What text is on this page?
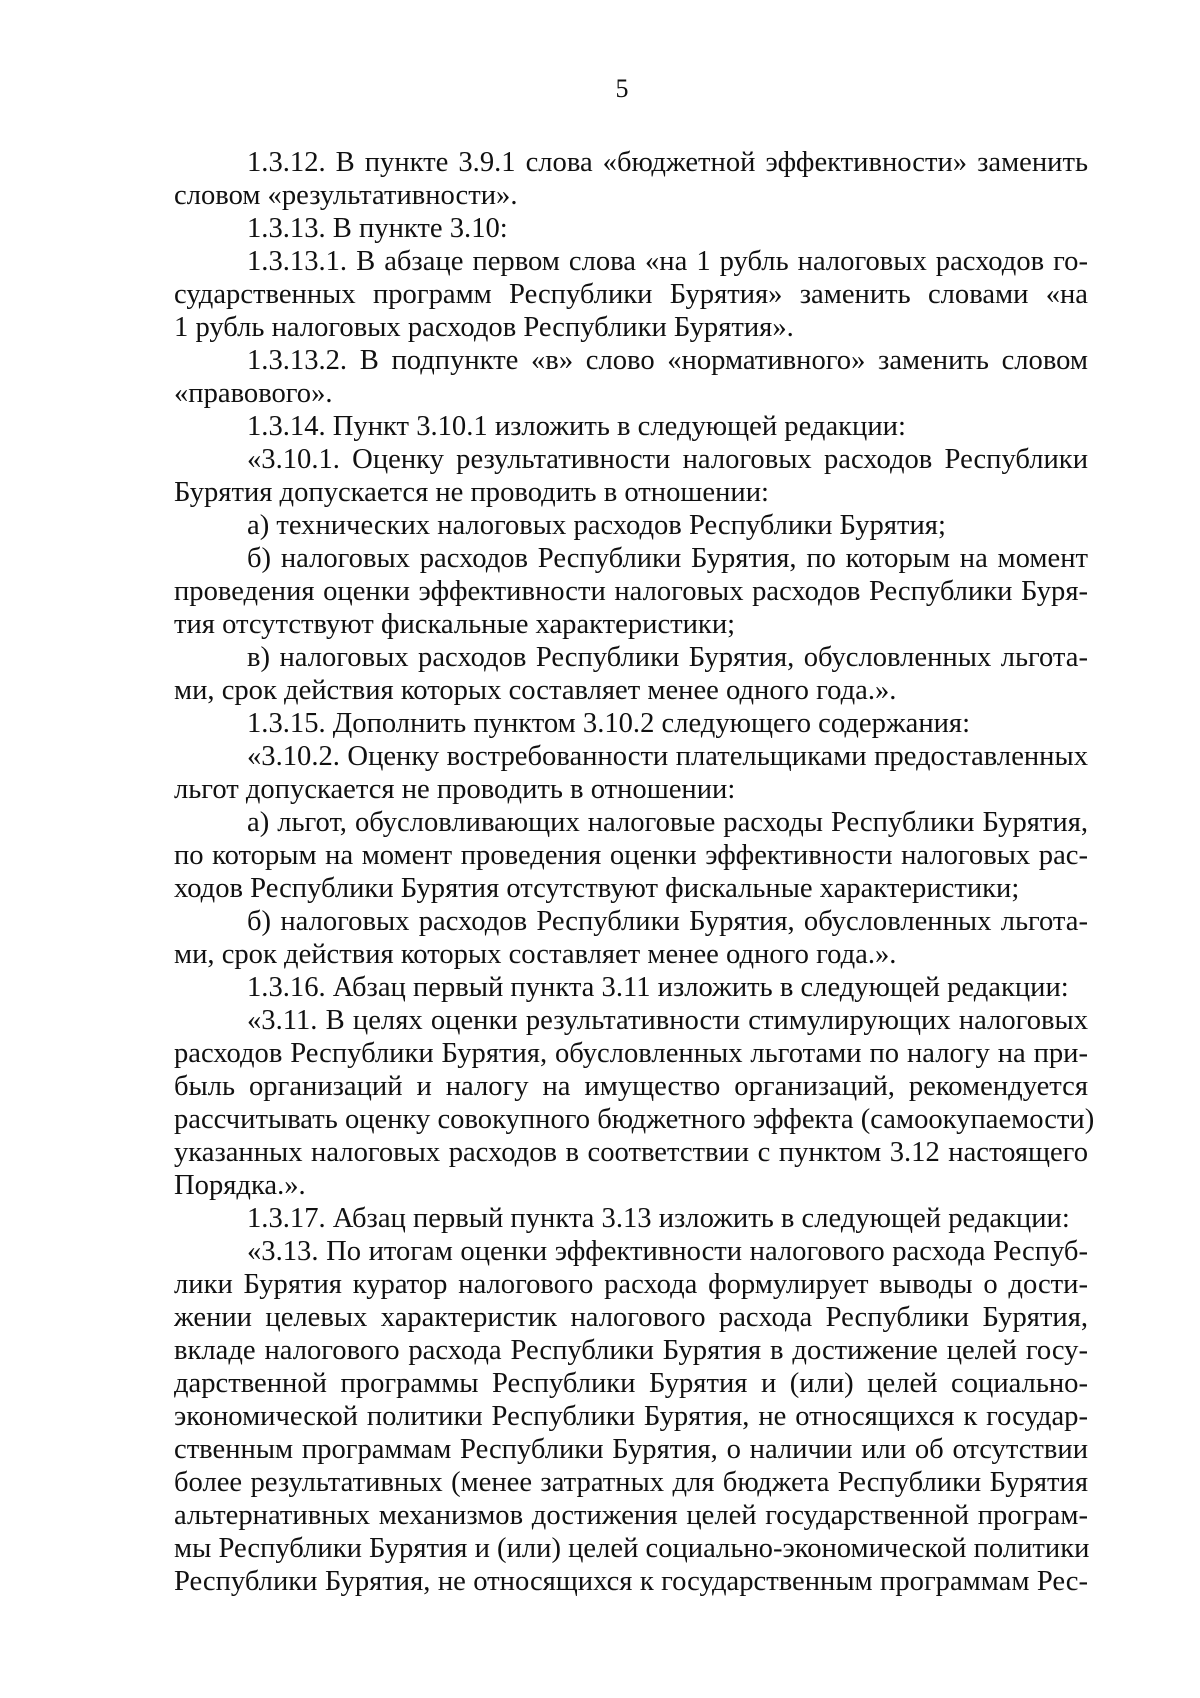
5
1.3.12. В пункте 3.9.1 слова «бюджетной эффективности» заменить
словом «результативности».
1.3.13. В пункте 3.10:
1.3.13.1. В абзаце первом слова «на 1 рубль налоговых расходов го-
сударственных программ Республики Бурятия» заменить словами «на
1 рубль налоговых расходов Республики Бурятия».
1.3.13.2. В подпункте «в» слово «нормативного» заменить словом
«правового».
1.3.14. Пункт 3.10.1 изложить в следующей редакции:
«3.10.1. Оценку результативности налоговых расходов Республики
Бурятия допускается не проводить в отношении:
а) технических налоговых расходов Республики Бурятия;
б) налоговых расходов Республики Бурятия, по которым на момент
проведения оценки эффективности налоговых расходов Республики Буря-
тия отсутствуют фискальные характеристики;
в) налоговых расходов Республики Бурятия, обусловленных льгота-
ми, срок действия которых составляет менее одного года.».
1.3.15. Дополнить пунктом 3.10.2 следующего содержания:
«3.10.2. Оценку востребованности плательщиками предоставленных
льгот допускается не проводить в отношении:
а) льгот, обусловливающих налоговые расходы Республики Бурятия,
по которым на момент проведения оценки эффективности налоговых рас-
ходов Республики Бурятия отсутствуют фискальные характеристики;
б) налоговых расходов Республики Бурятия, обусловленных льгота-
ми, срок действия которых составляет менее одного года.».
1.3.16. Абзац первый пункта 3.11 изложить в следующей редакции:
«3.11. В целях оценки результативности стимулирующих налоговых
расходов Республики Бурятия, обусловленных льготами по налогу на при-
быль организаций и налогу на имущество организаций, рекомендуется
рассчитывать оценку совокупного бюджетного эффекта (самоокупаемости)
указанных налоговых расходов в соответствии с пунктом 3.12 настоящего
Порядка.».
1.3.17. Абзац первый пункта 3.13 изложить в следующей редакции:
«3.13. По итогам оценки эффективности налогового расхода Респуб-
лики Бурятия куратор налогового расхода формулирует выводы о дости-
жении целевых характеристик налогового расхода Республики Бурятия,
вкладе налогового расхода Республики Бурятия в достижение целей госу-
дарственной программы Республики Бурятия и (или) целей социально-
экономической политики Республики Бурятия, не относящихся к государ-
ственным программам Республики Бурятия, о наличии или об отсутствии
более результативных (менее затратных для бюджета Республики Бурятия
альтернативных механизмов достижения целей государственной програм-
мы Республики Бурятия и (или) целей социально-экономической политики
Республики Бурятия, не относящихся к государственным программам Рес-
